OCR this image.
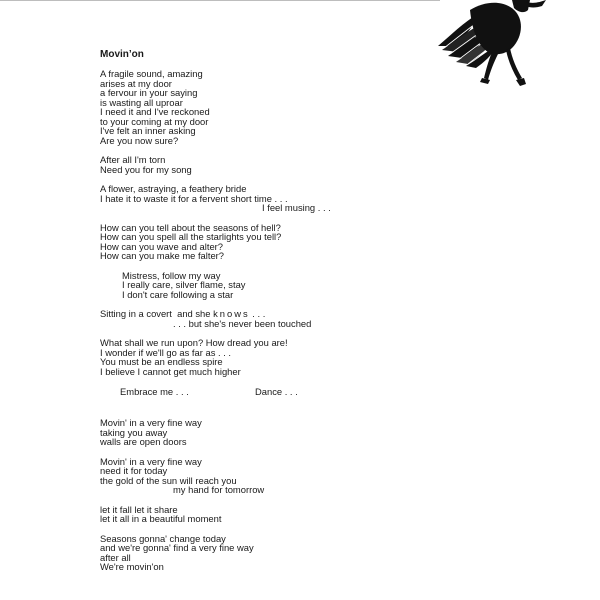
Movin’on
A fragile sound, amazing
arises at my door
a fervour in your saying
is wasting all uproar
I need it and I've reckoned
to your coming at my door
I've felt an inner asking
Are you now sure?
After all I'm torn
Need you for my song
A flower, astraying, a feathery bride
I hate it to waste it for a fervent short time . . .
I feel musing . . .
How can you tell about the seasons of hell?
How can you spell all the starlights you tell?
How can you wave and alter?
How can you make me falter?
Mistress, follow my way
I really care, silver flame, stay
I don't care following a star
Sitting in a covert  and she knows . . .
. . . but she's never been touched
What shall we run upon? How dread you are!
I wonder if we'll go as far as . . .
You must be an endless spire
I believe I cannot get much higher
Embrace me . . .	Dance . . .
Movin' in a very fine way
taking you away
walls are open doors
Movin' in a very fine way
need it for today
the gold of the sun will reach you
my hand for tomorrow
let it fall let it share
let it all in a beautiful moment
Seasons gonna' change today
and we're gonna' find a very fine way
after all
We're movin'on
